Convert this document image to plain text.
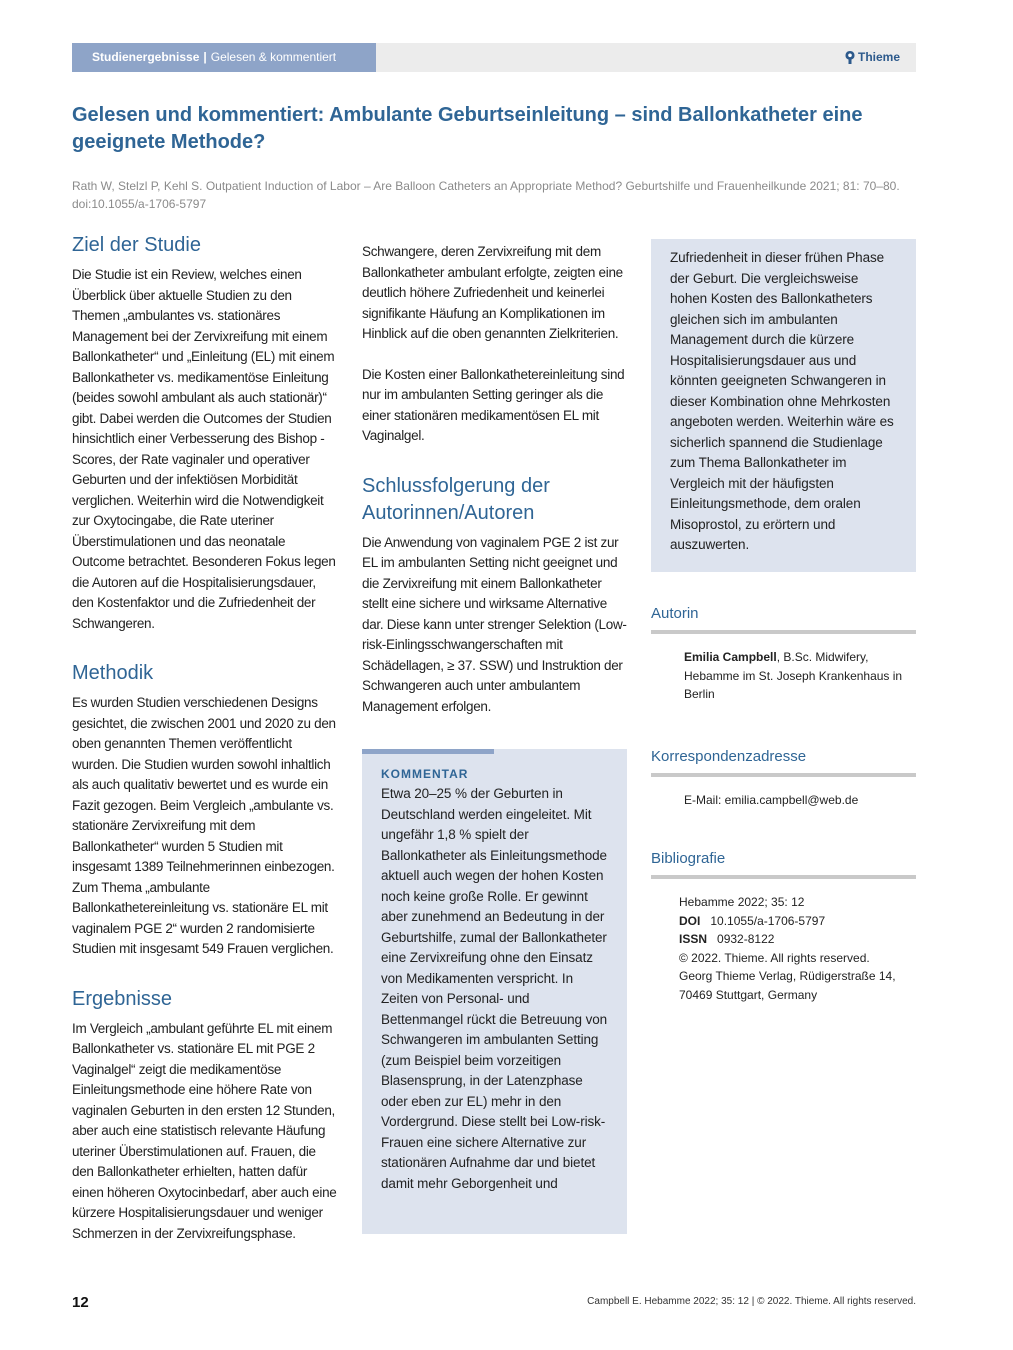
Studienergebnisse | Gelesen & kommentiert	Thieme
Gelesen und kommentiert: Ambulante Geburtseinleitung – sind Ballonkatheter eine geeignete Methode?
Rath W, Stelzl P, Kehl S. Outpatient Induction of Labor – Are Balloon Catheters an Appropriate Method? Geburtshilfe und Frauenheilkunde 2021; 81: 70–80. doi:10.1055/a-1706-5797
Ziel der Studie

Die Studie ist ein Review, welches einen Überblick über aktuelle Studien zu den Themen „ambulantes vs. stationäres Management bei der Zervixreifung mit einem Ballonkatheter“ und „Einleitung (EL) mit einem Ballonkatheter vs. medikamentöse Einleitung (beides sowohl ambulant als auch stationär)“ gibt. Dabei werden die Outcomes der Studien hinsichtlich einer Verbesserung des Bishop - Scores, der Rate vaginaler und operativer Geburten und der infektiösen Morbidität verglichen. Weiterhin wird die Notwendigkeit zur Oxytocingabe, die Rate uteriner Überstimulationen und das neonatale Outcome betrachtet. Besonderen Fokus legen die Autoren auf die Hospitalisierungsdauer, den Kostenfaktor und die Zufriedenheit der Schwangeren.

Methodik

Es wurden Studien verschiedenen Designs gesichtet, die zwischen 2001 und 2020 zu den oben genannten Themen veröffentlicht wurden. Die Studien wurden sowohl inhaltlich als auch qualitativ bewertet und es wurde ein Fazit gezogen. Beim Vergleich „ambulante vs. stationäre Zervixreifung mit dem Ballonkatheter“ wurden 5 Studien mit insgesamt 1389 Teilnehmerinnen einbezogen. Zum Thema „ambulante Ballonkathetereinleitung vs. stationäre EL mit vaginalem PGE 2“ wurden 2 randomisierte Studien mit insgesamt 549 Frauen verglichen.

Ergebnisse

Im Vergleich „ambulant geführte EL mit einem Ballonkatheter vs. stationäre EL mit PGE 2 Vaginalgel“ zeigt die medikamentöse Einleitungsmethode eine höhere Rate von vaginalen Geburten in den ersten 12 Stunden, aber auch eine statistisch relevante Häufung uteriner Überstimulationen auf. Frauen, die den Ballonkatheter erhielten, hatten dafür einen höheren Oxytocinbedarf, aber auch eine kürzere Hospitalisierungsdauer und weniger Schmerzen in der Zervixreifungsphase.

Schwangere, deren Zervixreifung mit dem Ballonkatheter ambulant erfolgte, zeigten eine deutlich höhere Zufriedenheit und keinerlei signifikante Häufung an Komplikationen im Hinblick auf die oben genannten Zielkriterien.

Die Kosten einer Ballonkathetereinleitung sind nur im ambulanten Setting geringer als die einer stationären medikamentösen EL mit Vaginalgel.

Schlussfolgerung der Autorinnen/Autoren

Die Anwendung von vaginalem PGE 2 ist zur EL im ambulanten Setting nicht geeignet und die Zervixreifung mit einem Ballonkatheter stellt eine sichere und wirksame Alternative dar. Diese kann unter strenger Selektion (Low-risk-Einlingsschwangerschaften mit Schädellagen, ≥ 37. SSW) und Instruktion der Schwangeren auch unter ambulantem Management erfolgen.

KOMMENTAR

Etwa 20–25 % der Geburten in Deutschland werden eingeleitet. Mit ungefähr 1,8 % spielt der Ballonkatheter als Einleitungsmethode aktuell auch wegen der hohen Kosten noch keine große Rolle. Er gewinnt aber zunehmend an Bedeutung in der Geburtshilfe, zumal der Ballonkatheter eine Zervixreifung ohne den Einsatz von Medikamenten verspricht. In Zeiten von Personal- und Bettenmangel rückt die Betreuung von Schwangeren im ambulanten Setting (zum Beispiel beim vorzeitigen Blasensprung, in der Latenzphase oder eben zur EL) mehr in den Vordergrund. Diese stellt bei Low-risk-Frauen eine sichere Alternative zur stationären Aufnahme dar und bietet damit mehr Geborgenheit und

Zufriedenheit in dieser frühen Phase der Geburt. Die vergleichsweise hohen Kosten des Ballonkatheters gleichen sich im ambulanten Management durch die kürzere Hospitalisierungsdauer aus und könnten geeigneten Schwangeren in dieser Kombination ohne Mehrkosten angeboten werden. Weiterhin wäre es sicherlich spannend die Studienlage zum Thema Ballonkatheter im Vergleich mit der häufigsten Einleitungsmethode, dem oralen Misoprostol, zu erörtern und auszuwerten.

Autorin
Emilia Campbell, B.Sc. Midwifery, Hebamme im St. Joseph Krankenhaus in Berlin
Korrespondenzadresse
E-Mail: emilia.campbell@web.de
Bibliografie
Hebamme 2022; 35: 12
DOI 10.1055/a-1706-5797
ISSN 0932-8122
© 2022. Thieme. All rights reserved.
Georg Thieme Verlag, Rüdigerstraße 14, 70469 Stuttgart, Germany
12	Campbell E. Hebamme 2022; 35: 12 | © 2022. Thieme. All rights reserved.
